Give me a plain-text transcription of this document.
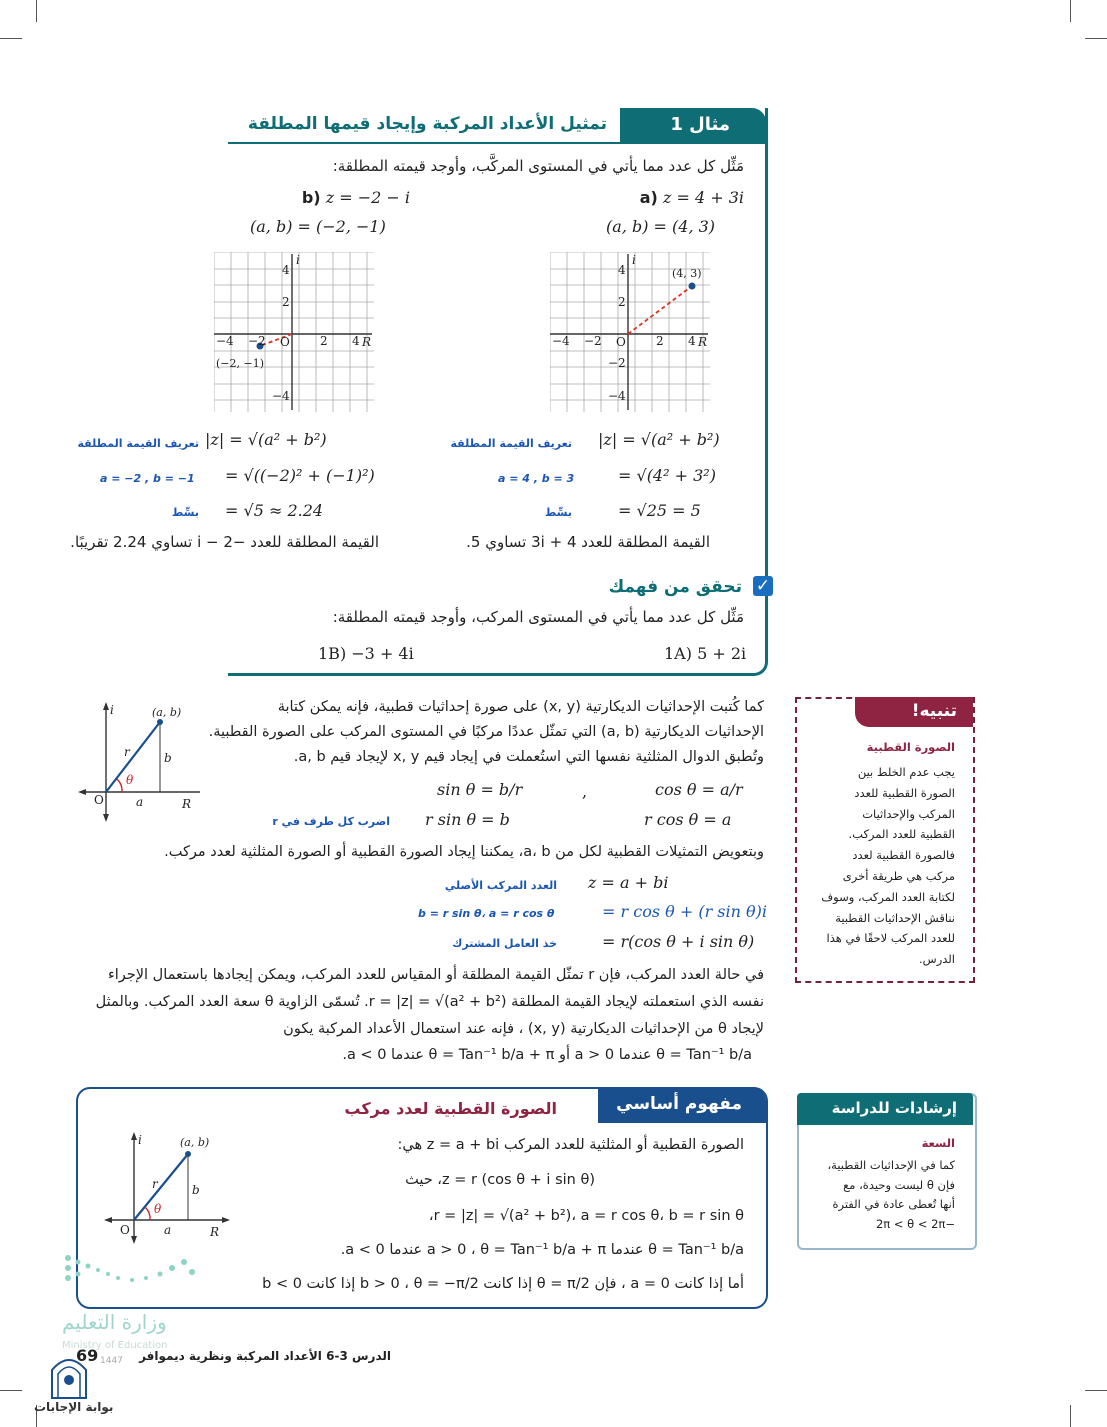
مثال 1
تمثيل الأعداد المركبة وإيجاد قيمها المطلقة
مَثِّل كل عدد مما يأتي في المستوى المركَّب، وأوجد قيمته المطلقة:
a) z = 4 + 3i
(a, b) = (4, 3)
b) z = −2 − i
(a, b) = (−2, −1)
i
R
O
(4, 3)
2 4
−2
−4
4
2
−2
−4
i
R
O
(−2, −1)
2 4
−2
−4
4
2
−4
|z| = √(a² + b²)
تعريف القيمة المطلقة
= √(4² + 3²)
a = 4 , b = 3
= √25 = 5
بسِّط
القيمة المطلقة للعدد 4 + 3i تساوي 5.
|z| = √(a² + b²)
تعريف القيمة المطلقة
= √((−2)² + (−1)²)
a = −2 , b = −1
= √5 ≈ 2.24
بسِّط
القيمة المطلقة للعدد −2 − i تساوي 2.24 تقريبًا.
✓
تحقق من فهمك
مَثِّل كل عدد مما يأتي في المستوى المركب، وأوجد قيمته المطلقة:
1A) 5 + 2i
1B) −3 + 4i
i	(a, b)
r	b
a
θ
O	R
كما كُتبت الإحداثيات الديكارتية (x, y) على صورة إحداثيات قطبية، فإنه يمكن كتابة
الإحداثيات الديكارتية (a, b) التي تمثّل عددًا مركبًا في المستوى المركب على الصورة القطبية.
وتُطبق الدوال المثلثية نفسها التي استُعملت في إيجاد قيم x, y لإيجاد قيم a, b.
cos θ = a/r
,
sin θ = b/r
r cos θ = a
r sin θ = b
اضرب كل طرف في r
وبتعويض التمثيلات القطبية لكل من a، b، يمكننا إيجاد الصورة القطبية أو الصورة المثلثية لعدد مركب.
z = a + bi
العدد المركب الأصلي
= r cos θ + (r sin θ)i
b = r sin θ، a = r cos θ
= r(cos θ + i sin θ)
خذ العامل المشترك
في حالة العدد المركب، فإن r تمثّل القيمة المطلقة أو المقياس للعدد المركب، ويمكن إيجادها باستعمال الإجراء
نفسه الذي استعملته لإيجاد القيمة المطلقة r = |z| = √(a² + b²). تُسمّى الزاوية θ سعة العدد المركب. وبالمثل
لإيجاد θ من الإحداثيات الديكارتية (x, y) ، فإنه عند استعمال الأعداد المركبة يكون
θ = Tan⁻¹ b/a عندما a > 0 أو θ = Tan⁻¹ b/a + π عندما a < 0.
تنبيه!
الصورة القطبية
يجب عدم الخلط بين
الصورة القطبية للعدد
المركب والإحداثيات
القطبية للعدد المركب.
فالصورة القطبية لعدد
مركب هي طريقة أخرى
لكتابة العدد المركب، وسوف
نناقش الإحداثيات القطبية
للعدد المركب لاحقًا في هذا
الدرس.
مفهوم أساسي
الصورة القطبية لعدد مركب
i	(a, b)
r	b
a
θ
O	R
الصورة القطبية أو المثلثية للعدد المركب z = a + bi هي:
z = r (cos θ + i sin θ)، حيث
r = |z| = √(a² + b²)، a = r cos θ، b = r sin θ،
θ = Tan⁻¹ b/a عندما a > 0 ، θ = Tan⁻¹ b/a + π عندما a < 0.
أما إذا كانت a = 0 ، فإن θ = π/2 إذا كانت b > 0 ، θ = −π/2 إذا كانت b < 0
إرشادات للدراسة
السعة
كما في الإحداثيات القطبية،
فإن θ ليست وحيدة، مع
أنها تُعطى عادة في الفترة
−2π < θ < 2π
وزارة التعليم
Ministry of Education
1447
69	الدرس 3-6 الأعداد المركبة ونظرية ديموافر
بوابة الإجابات
